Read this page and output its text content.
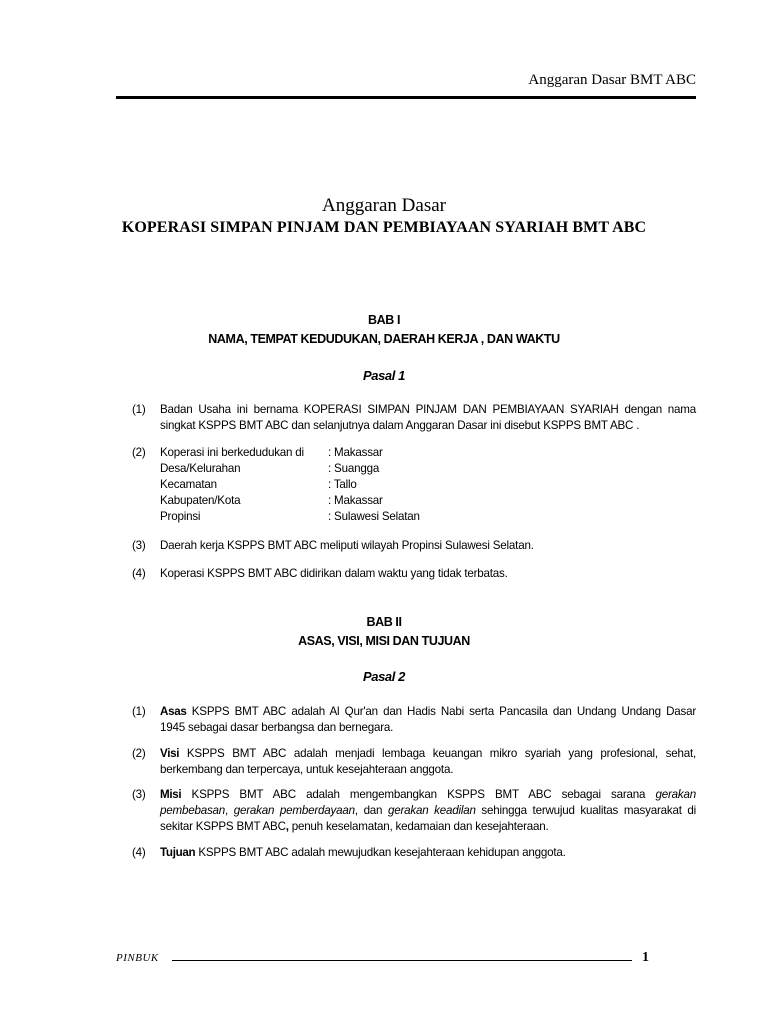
Anggaran Dasar BMT ABC
Anggaran Dasar
KOPERASI SIMPAN PINJAM DAN PEMBIAYAAN SYARIAH BMT ABC
BAB I
NAMA, TEMPAT KEDUDUKAN, DAERAH KERJA , DAN WAKTU
Pasal 1
(1) Badan Usaha ini bernama KOPERASI SIMPAN PINJAM DAN PEMBIAYAAN SYARIAH dengan nama
singkat KSPPS BMT ABC dan selanjutnya dalam Anggaran Dasar ini disebut KSPPS BMT ABC .
(2) Koperasi ini berkedudukan di : Makassar
Desa/Kelurahan	: Suangga
Kecamatan	: Tallo
Kabupaten/Kota	: Makassar
Propinsi	: Sulawesi Selatan
(3) Daerah kerja KSPPS BMT ABC meliputi wilayah Propinsi Sulawesi Selatan.
(4) Koperasi KSPPS BMT ABC didirikan dalam waktu yang tidak terbatas.
BAB II
ASAS, VISI, MISI DAN TUJUAN
Pasal 2
(1) Asas KSPPS BMT ABC adalah Al Qur'an dan Hadis Nabi serta Pancasila dan Undang Undang Dasar
1945 sebagai dasar berbangsa dan bernegara.
(2) Visi KSPPS BMT ABC adalah menjadi lembaga keuangan mikro syariah yang profesional, sehat,
berkembang dan terpercaya, untuk kesejahteraan anggota.
(3) Misi KSPPS BMT ABC adalah mengembangkan KSPPS BMT ABC sebagai sarana gerakan
pembebasan, gerakan pemberdayaan, dan gerakan keadilan sehingga terwujud kualitas masyarakat di
sekitar KSPPS BMT ABC, penuh keselamatan, kedamaian dan kesejahteraan.
(4) Tujuan KSPPS BMT ABC adalah mewujudkan kesejahteraan kehidupan anggota.
PINBUK	1
